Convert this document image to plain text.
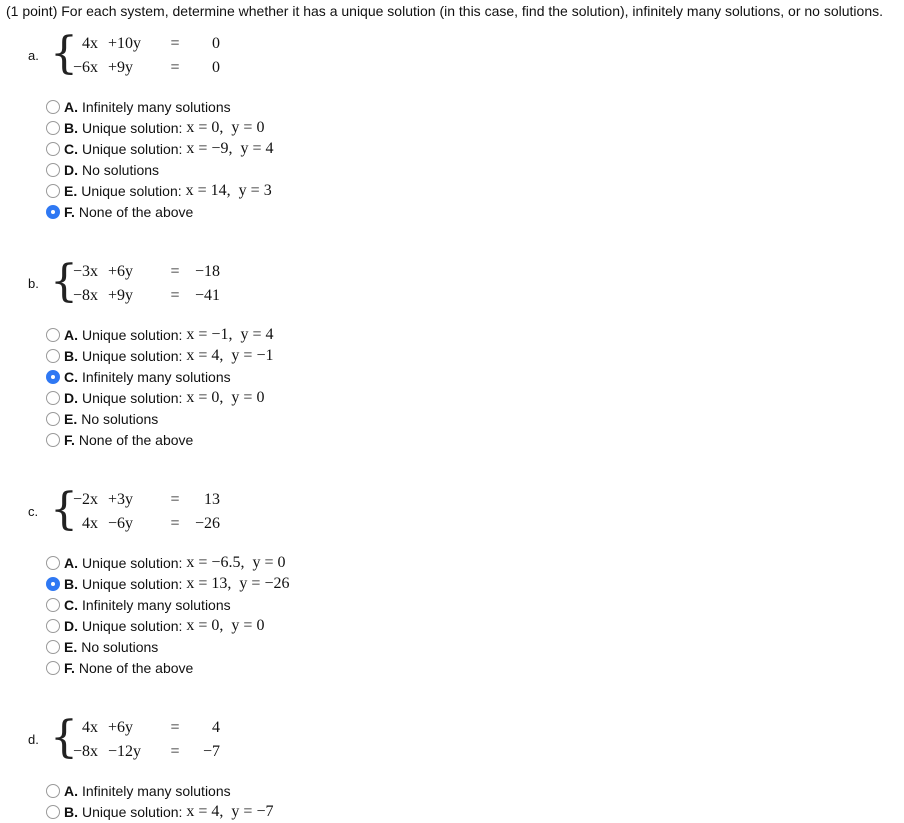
(1 point) For each system, determine whether it has a unique solution (in this case, find the solution), infinitely many solutions, or no solutions.
a. { 4x +10y	=	0
−6x +9y	=	0
A. Infinitely many solutions
B. Unique solution: x = 0,  y = 0
C. Unique solution: x = −9,  y = 4
D. No solutions
E. Unique solution: x = 14,  y = 3
F. None of the above
b. {
−3x +6y	= −18
−8x +9y	= −41
A. Unique solution: x = −1,  y = 4
B. Unique solution: x = 4,  y = −1
C. Infinitely many solutions
D. Unique solution: x = 0,  y = 0
E. No solutions
F. None of the above
c. {
−2x +3y	=	13
4x −6y	= −26
A. Unique solution: x = −6.5,  y = 0
B. Unique solution: x = 13,  y = −26
C. Infinitely many solutions
D. Unique solution: x = 0,  y = 0
E. No solutions
F. None of the above
d. { 4x +6y	=	4
−8x −12y	=	−7
A. Infinitely many solutions
B. Unique solution: x = 4,  y = −7
